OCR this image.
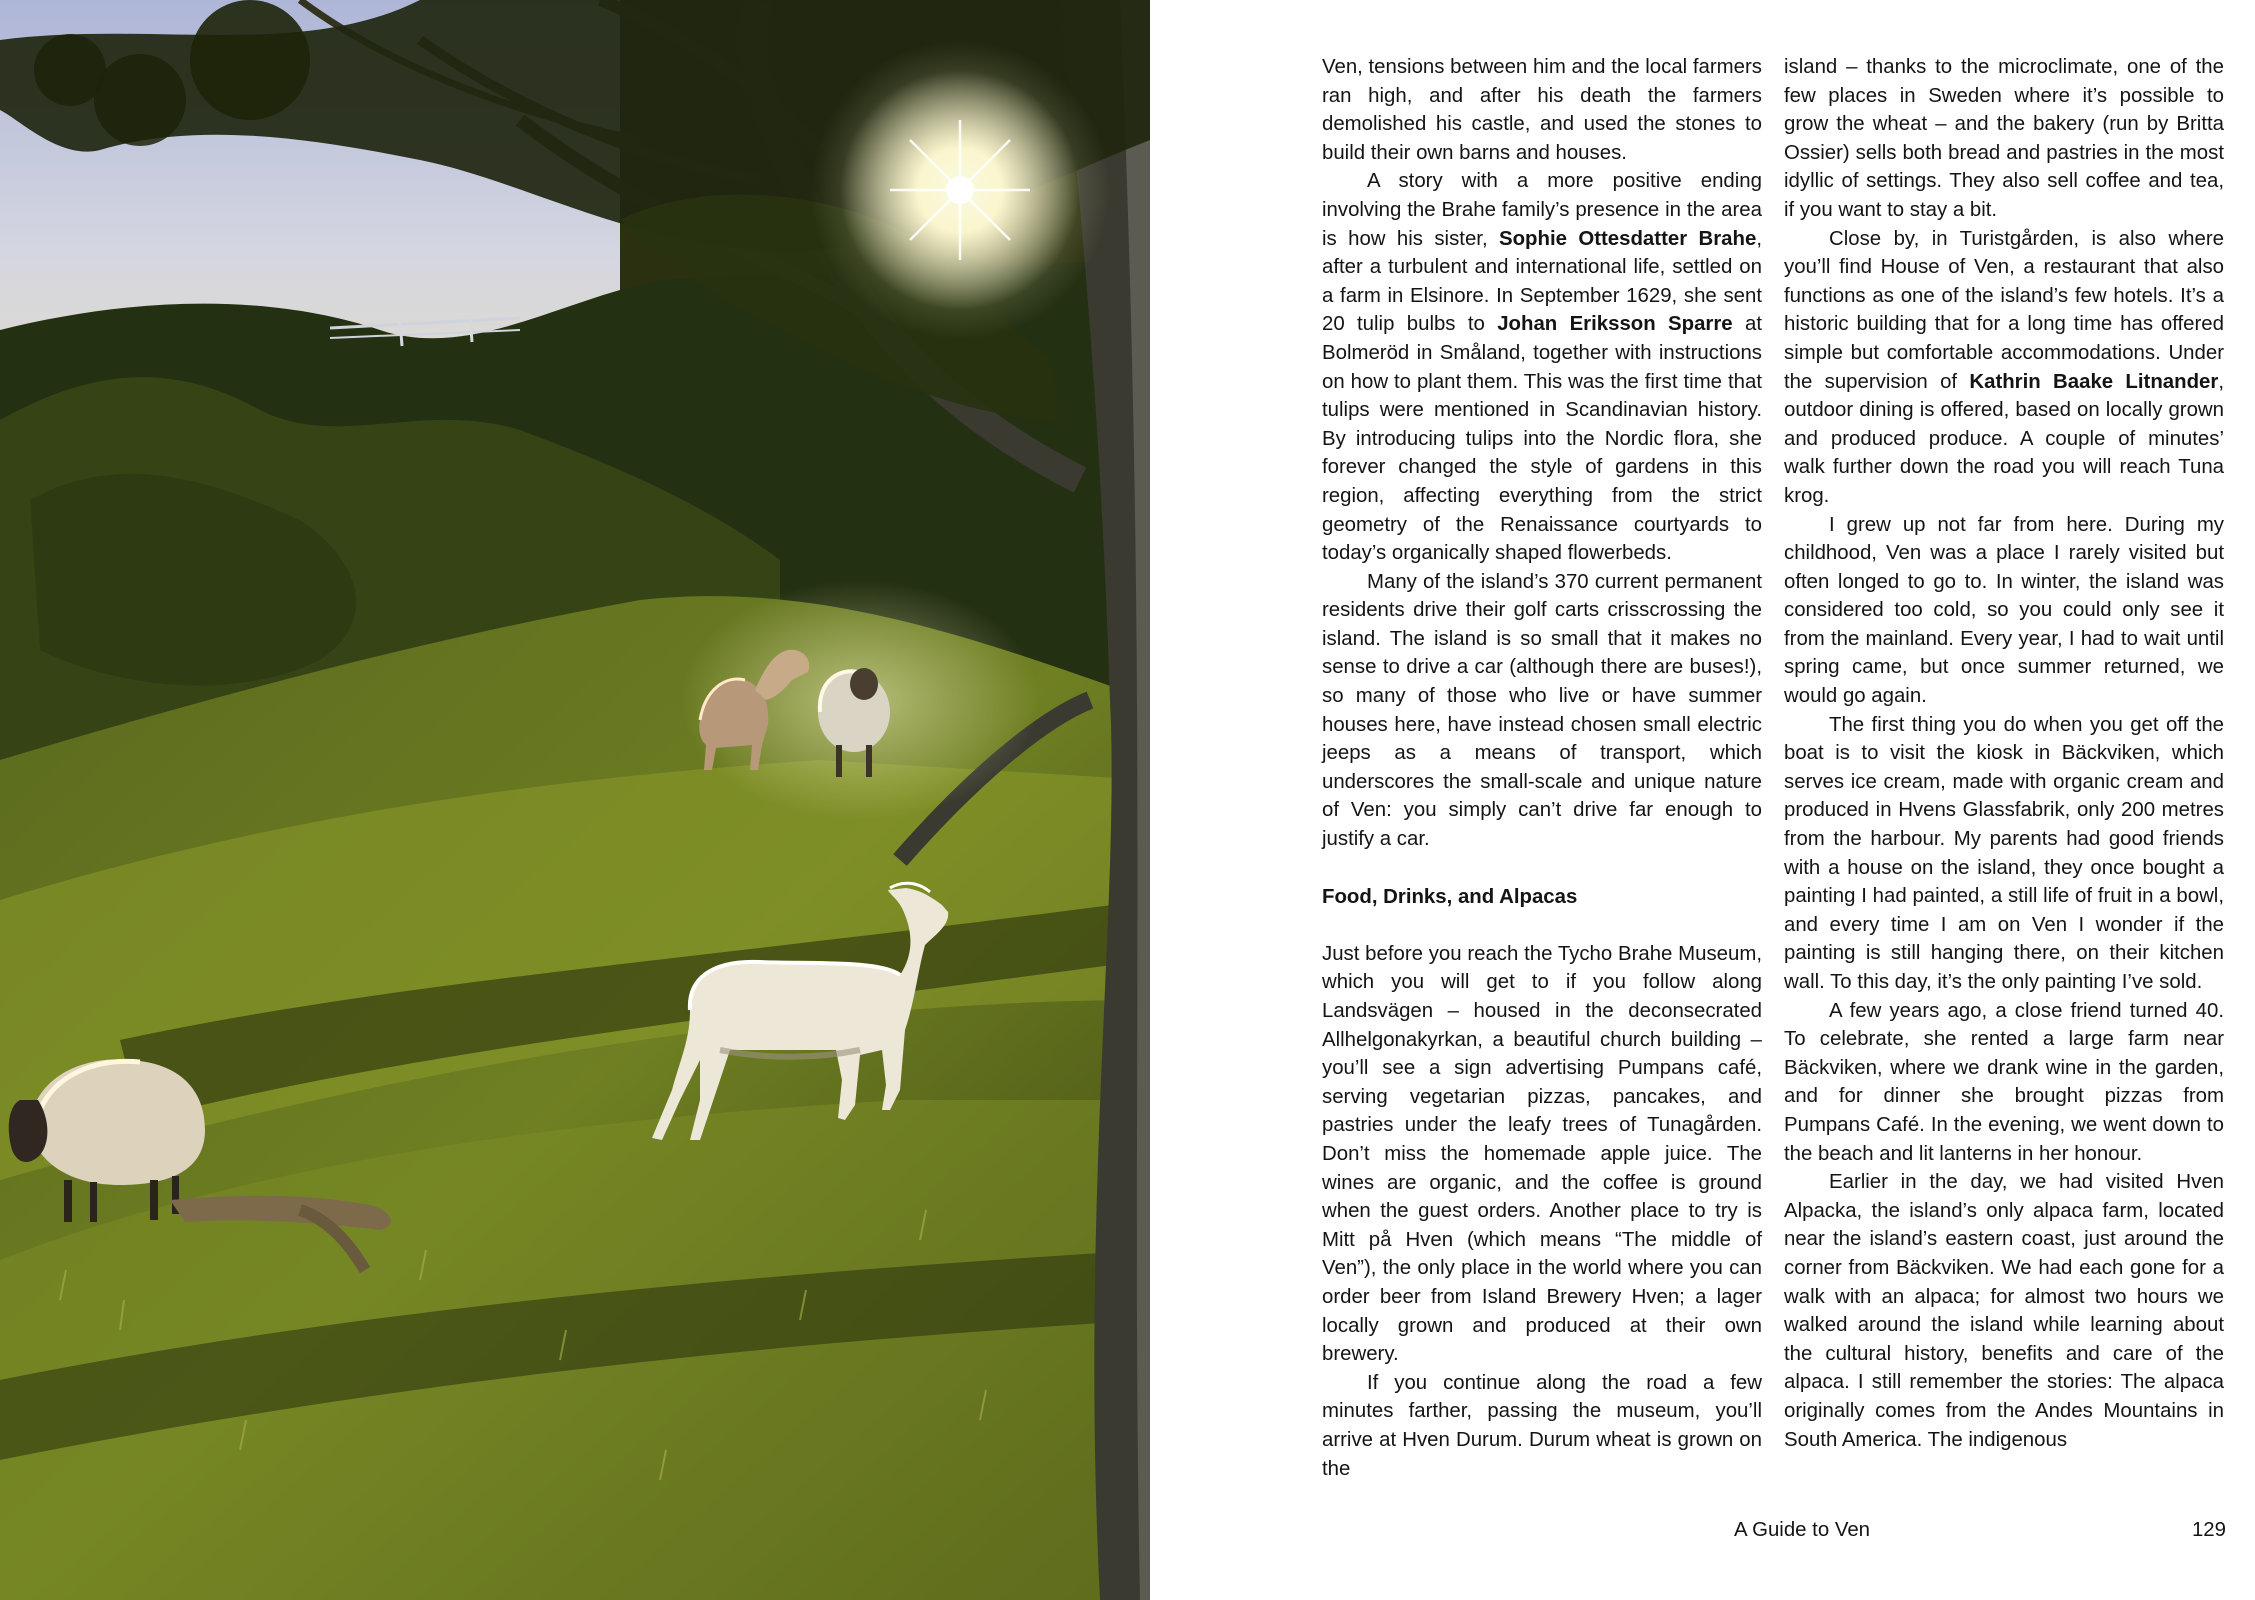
Ven, tensions between him and the local farmers ran high, and after his death the farmers demolished his castle, and used the stones to build their own barns and houses.

A story with a more positive ending involving the Brahe family’s presence in the area is how his sister, Sophie Ottesdatter Brahe, after a turbulent and international life, settled on a farm in Elsinore. In September 1629, she sent 20 tulip bulbs to Johan Eriksson Sparre at Bolmeröd in Småland, together with instructions on how to plant them. This was the first time that tulips were mentioned in Scandinavian history. By introducing tulips into the Nordic flora, she forever changed the style of gardens in this region, affecting everything from the strict geometry of the Renaissance courtyards to today’s organically shaped flowerbeds.

Many of the island’s 370 current permanent residents drive their golf carts crisscrossing the island. The island is so small that it makes no sense to drive a car (although there are buses!), so many of those who live or have summer houses here, have instead chosen small electric jeeps as a means of transport, which underscores the small-scale and unique nature of Ven: you simply can’t drive far enough to justify a car.

Food, Drinks, and Alpacas

Just before you reach the Tycho Brahe Museum, which you will get to if you follow along Landsvägen – housed in the deconsecrated Allhelgonakyrkan, a beautiful church building – you’ll see a sign advertising Pumpans café, serving vegetarian pizzas, pancakes, and pastries under the leafy trees of Tunagården. Don’t miss the homemade apple juice. The wines are organic, and the coffee is ground when the guest orders. Another place to try is Mitt på Hven (which means “The middle of Ven”), the only place in the world where you can order beer from Island Brewery Hven; a lager locally grown and produced at their own brewery.

If you continue along the road a few minutes farther, passing the museum, you’ll arrive at Hven Durum. Durum wheat is grown on the

island – thanks to the microclimate, one of the few places in Sweden where it’s possible to grow the wheat – and the bakery (run by Britta Ossier) sells both bread and pastries in the most idyllic of settings. They also sell coffee and tea, if you want to stay a bit.

Close by, in Turistgården, is also where you’ll find House of Ven, a restaurant that also functions as one of the island’s few hotels. It’s a historic building that for a long time has offered simple but comfortable accommodations. Under the supervision of Kathrin Baake Litnander, outdoor dining is offered, based on locally grown and produced produce. A couple of minutes’ walk further down the road you will reach Tuna krog.

I grew up not far from here. During my childhood, Ven was a place I rarely visited but often longed to go to. In winter, the island was considered too cold, so you could only see it from the mainland. Every year, I had to wait until spring came, but once summer returned, we would go again.

The first thing you do when you get off the boat is to visit the kiosk in Bäckviken, which serves ice cream, made with organic cream and produced in Hvens Glassfabrik, only 200 metres from the harbour. My parents had good friends with a house on the island, they once bought a painting I had painted, a still life of fruit in a bowl, and every time I am on Ven I wonder if the painting is still hanging there, on their kitchen wall. To this day, it’s the only painting I’ve sold.

A few years ago, a close friend turned 40. To celebrate, she rented a large farm near Bäckviken, where we drank wine in the garden, and for dinner she brought pizzas from Pumpans Café. In the evening, we went down to the beach and lit lanterns in her honour.

Earlier in the day, we had visited Hven Alpacka, the island’s only alpaca farm, located near the island’s eastern coast, just around the corner from Bäckviken. We had each gone for a walk with an alpaca; for almost two hours we walked around the island while learning about the cultural history, benefits and care of the alpaca. I still remember the stories: The alpaca originally comes from the Andes Mountains in South America. The indigenous

A Guide to Ven	129
